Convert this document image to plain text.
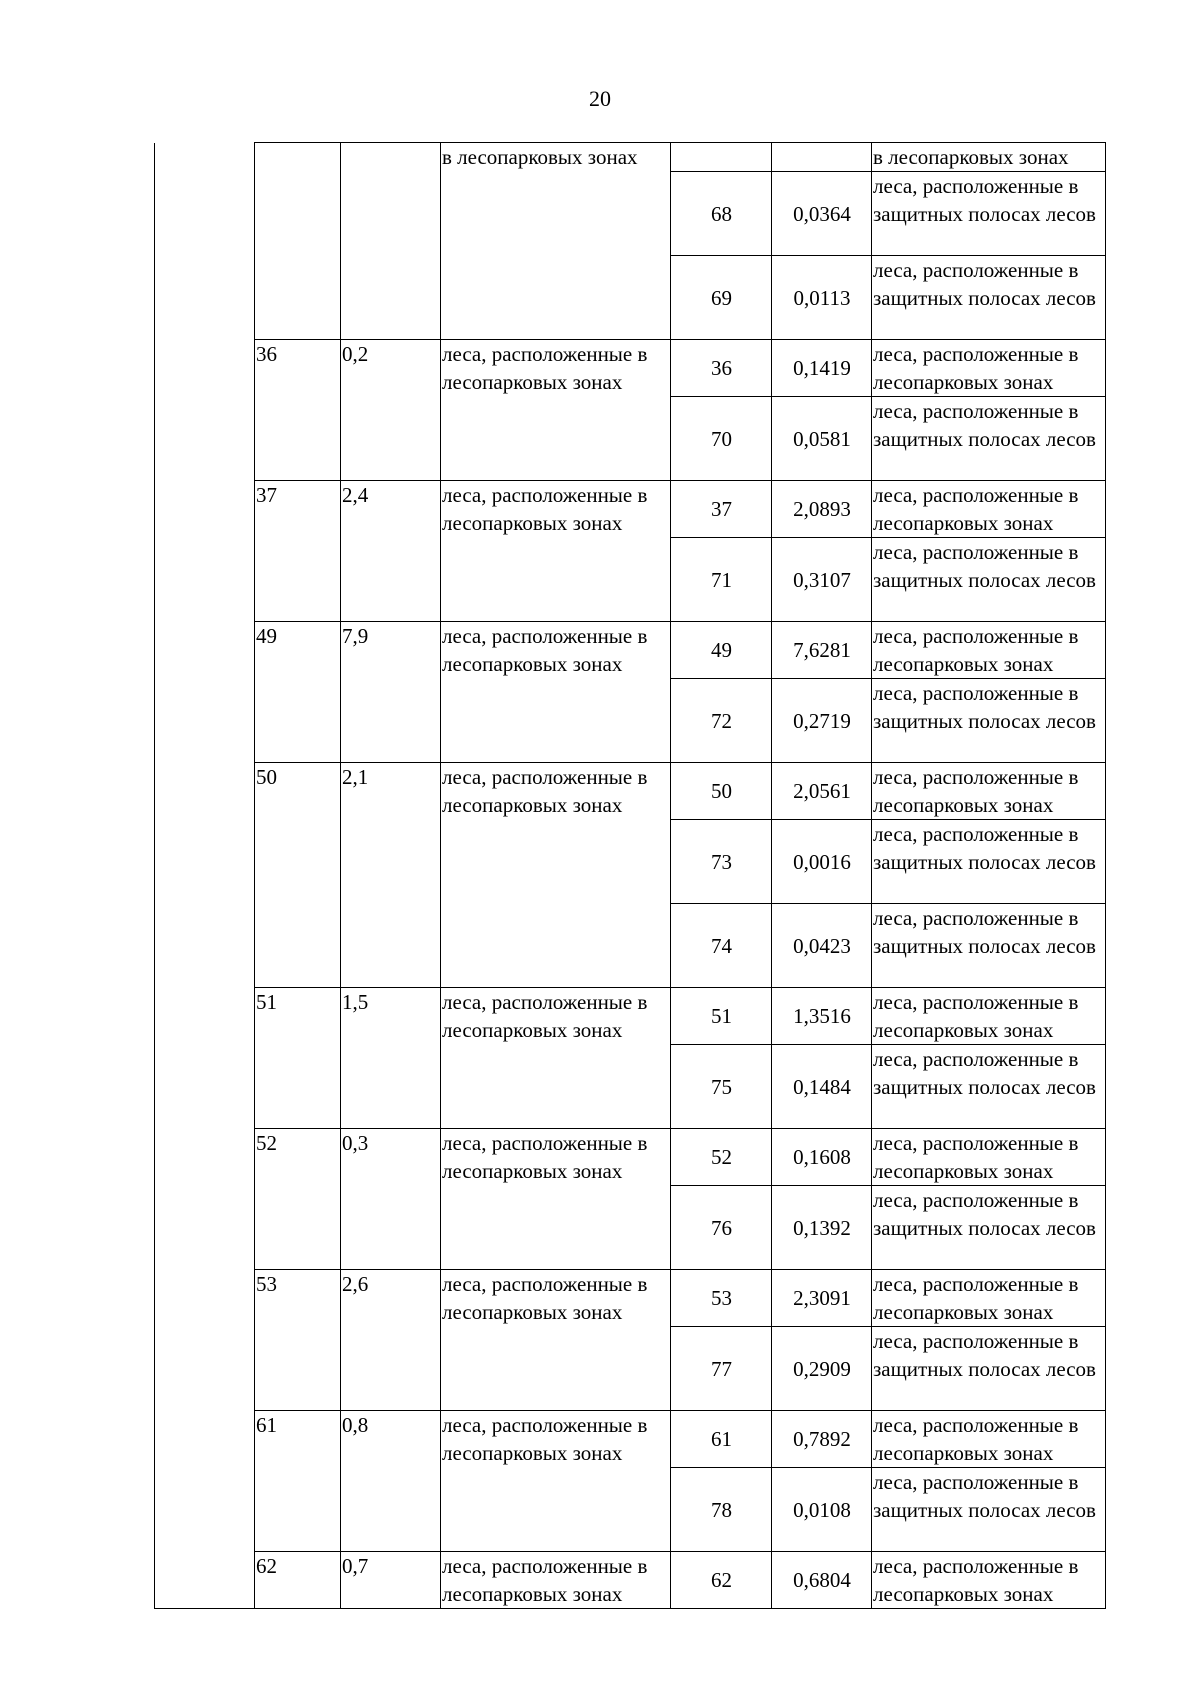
20
			в лесопарковых зонах			в лесопарковых зонах
				68	0,0364	леса, расположенные в защитных полосах лесов
				69	0,0113	леса, расположенные в защитных полосах лесов
	36	0,2	леса, расположенные в лесопарковых зонах	36	0,1419	леса, расположенные в лесопарковых зонах
				70	0,0581	леса, расположенные в защитных полосах лесов
	37	2,4	леса, расположенные в лесопарковых зонах	37	2,0893	леса, расположенные в лесопарковых зонах
				71	0,3107	леса, расположенные в защитных полосах лесов
	49	7,9	леса, расположенные в лесопарковых зонах	49	7,6281	леса, расположенные в лесопарковых зонах
				72	0,2719	леса, расположенные в защитных полосах лесов
	50	2,1	леса, расположенные в лесопарковых зонах	50	2,0561	леса, расположенные в лесопарковых зонах
				73	0,0016	леса, расположенные в защитных полосах лесов
				74	0,0423	леса, расположенные в защитных полосах лесов
	51	1,5	леса, расположенные в лесопарковых зонах	51	1,3516	леса, расположенные в лесопарковых зонах
				75	0,1484	леса, расположенные в защитных полосах лесов
	52	0,3	леса, расположенные в лесопарковых зонах	52	0,1608	леса, расположенные в лесопарковых зонах
				76	0,1392	леса, расположенные в защитных полосах лесов
	53	2,6	леса, расположенные в лесопарковых зонах	53	2,3091	леса, расположенные в лесопарковых зонах
				77	0,2909	леса, расположенные в защитных полосах лесов
	61	0,8	леса, расположенные в лесопарковых зонах	61	0,7892	леса, расположенные в лесопарковых зонах
				78	0,0108	леса, расположенные в защитных полосах лесов
	62	0,7	леса, расположенные в лесопарковых зонах	62	0,6804	леса, расположенные в лесопарковых зонах
